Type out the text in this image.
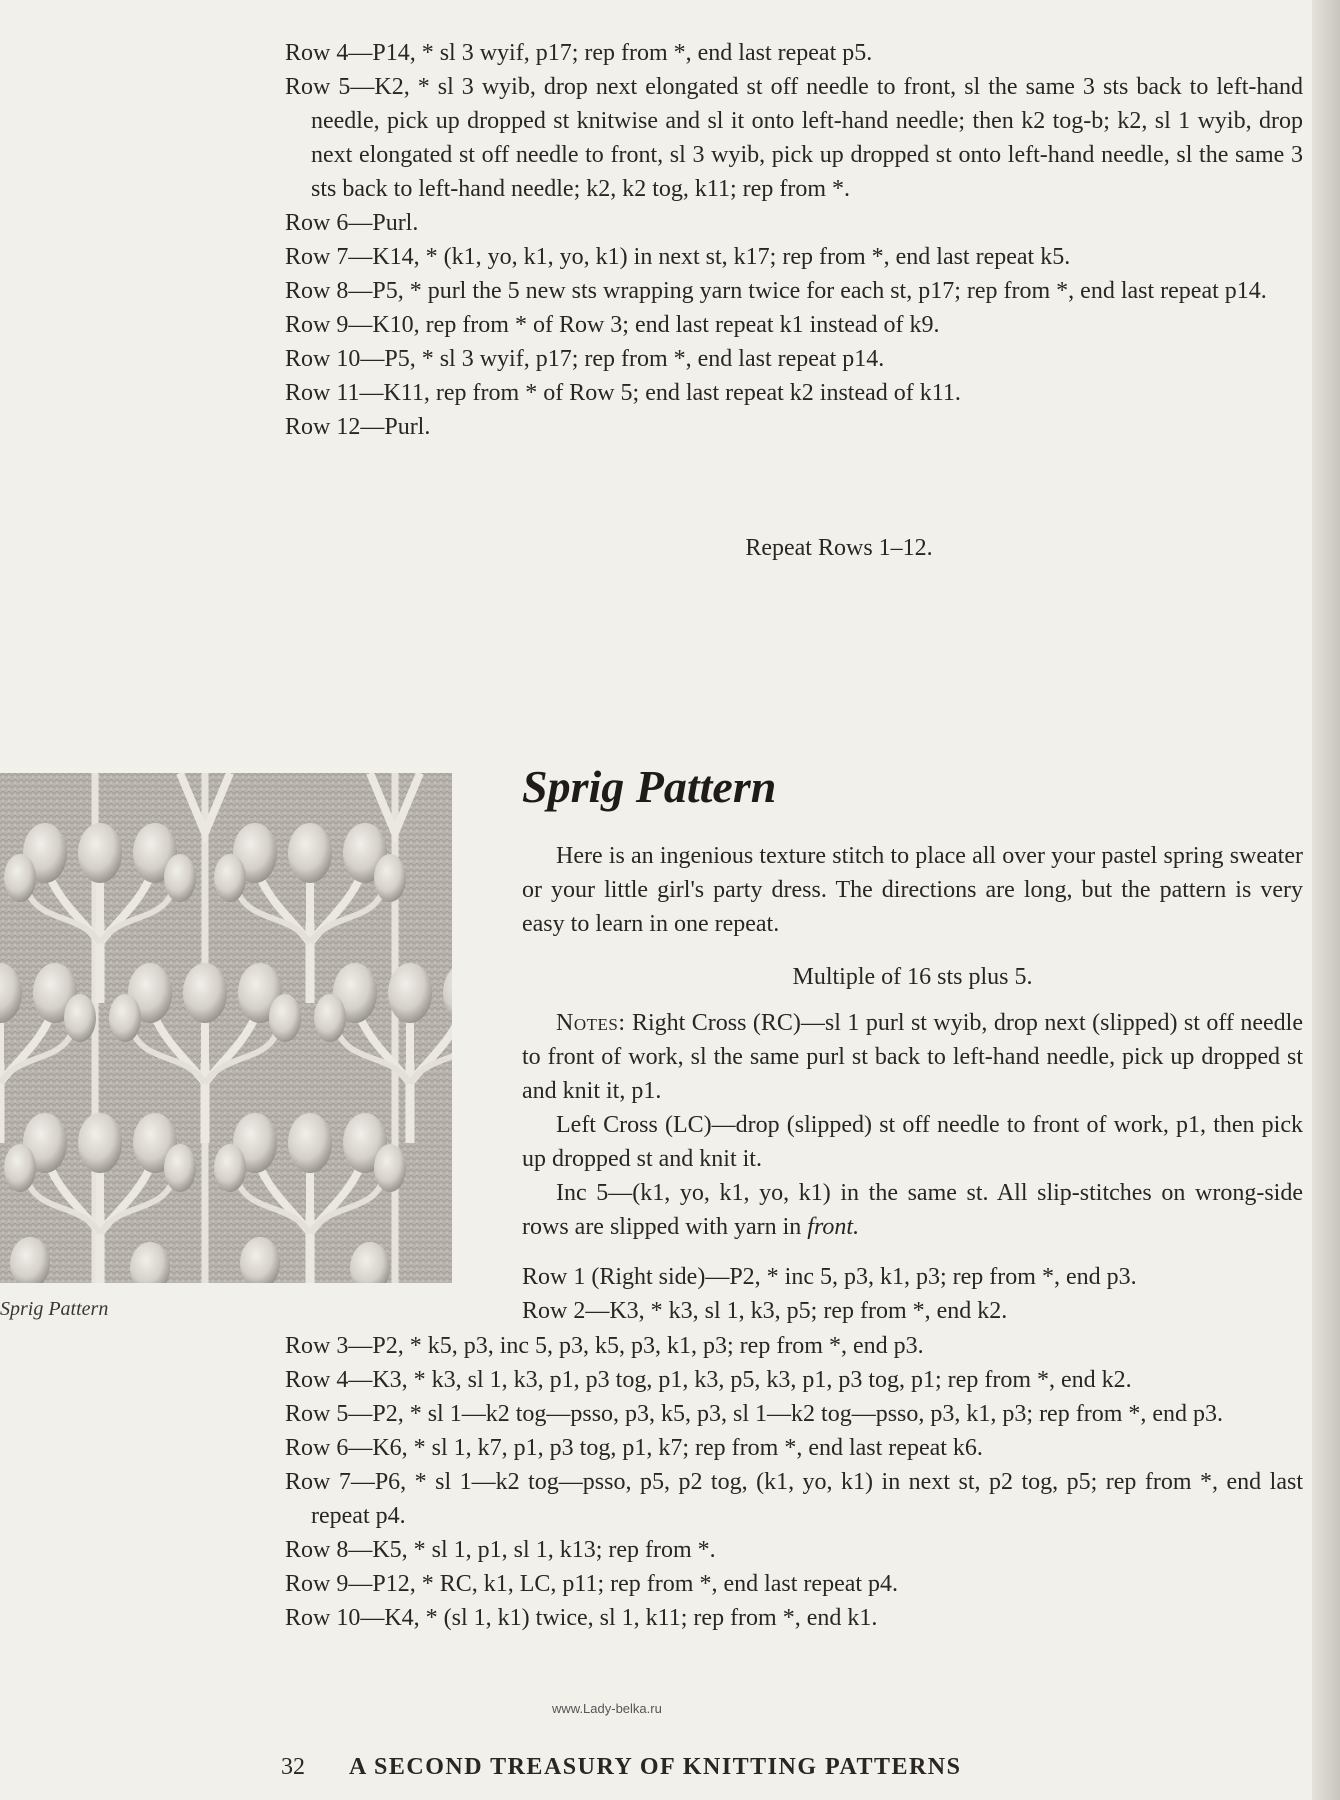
Row 4—P14, * sl 3 wyif, p17; rep from *, end last repeat p5.

Row 5—K2, * sl 3 wyib, drop next elongated st off needle to front, sl the same 3 sts back to left-hand needle, pick up dropped st knitwise and sl it onto left-hand needle; then k2 tog-b; k2, sl 1 wyib, drop next elongated st off needle to front, sl 3 wyib, pick up dropped st onto left-hand needle, sl the same 3 sts back to left-hand needle; k2, k2 tog, k11; rep from *.

Row 6—Purl.

Row 7—K14, * (k1, yo, k1, yo, k1) in next st, k17; rep from *, end last repeat k5.

Row 8—P5, * purl the 5 new sts wrapping yarn twice for each st, p17; rep from *, end last repeat p14.

Row 9—K10, rep from * of Row 3; end last repeat k1 instead of k9.

Row 10—P5, * sl 3 wyif, p17; rep from *, end last repeat p14.

Row 11—K11, rep from * of Row 5; end last repeat k2 instead of k11.

Row 12—Purl.

Repeat Rows 1–12.
Sprig Pattern
Sprig Pattern

Here is an ingenious texture stitch to place all over your pastel spring sweater or your little girl's party dress. The directions are long, but the pattern is very easy to learn in one repeat.

Multiple of 16 sts plus 5.

Notes: Right Cross (RC)—sl 1 purl st wyib, drop next (slipped) st off needle to front of work, sl the same purl st back to left-hand needle, pick up dropped st and knit it, p1.

Left Cross (LC)—drop (slipped) st off needle to front of work, p1, then pick up dropped st and knit it.

Inc 5—(k1, yo, k1, yo, k1) in the same st. All slip-stitches on wrong-side rows are slipped with yarn in front.

Row 1 (Right side)—P2, * inc 5, p3, k1, p3; rep from *, end p3.

Row 2—K3, * k3, sl 1, k3, p5; rep from *, end k2.

Row 3—P2, * k5, p3, inc 5, p3, k5, p3, k1, p3; rep from *, end p3.

Row 4—K3, * k3, sl 1, k3, p1, p3 tog, p1, k3, p5, k3, p1, p3 tog, p1; rep from *, end k2.

Row 5—P2, * sl 1—k2 tog—psso, p3, k5, p3, sl 1—k2 tog—psso, p3, k1, p3; rep from *, end p3.

Row 6—K6, * sl 1, k7, p1, p3 tog, p1, k7; rep from *, end last repeat k6.

Row 7—P6, * sl 1—k2 tog—psso, p5, p2 tog, (k1, yo, k1) in next st, p2 tog, p5; rep from *, end last repeat p4.

Row 8—K5, * sl 1, p1, sl 1, k13; rep from *.

Row 9—P12, * RC, k1, LC, p11; rep from *, end last repeat p4.

Row 10—K4, * (sl 1, k1) twice, sl 1, k11; rep from *, end k1.

www.Lady-belka.ru
32 A SECOND TREASURY OF KNITTING PATTERNS
